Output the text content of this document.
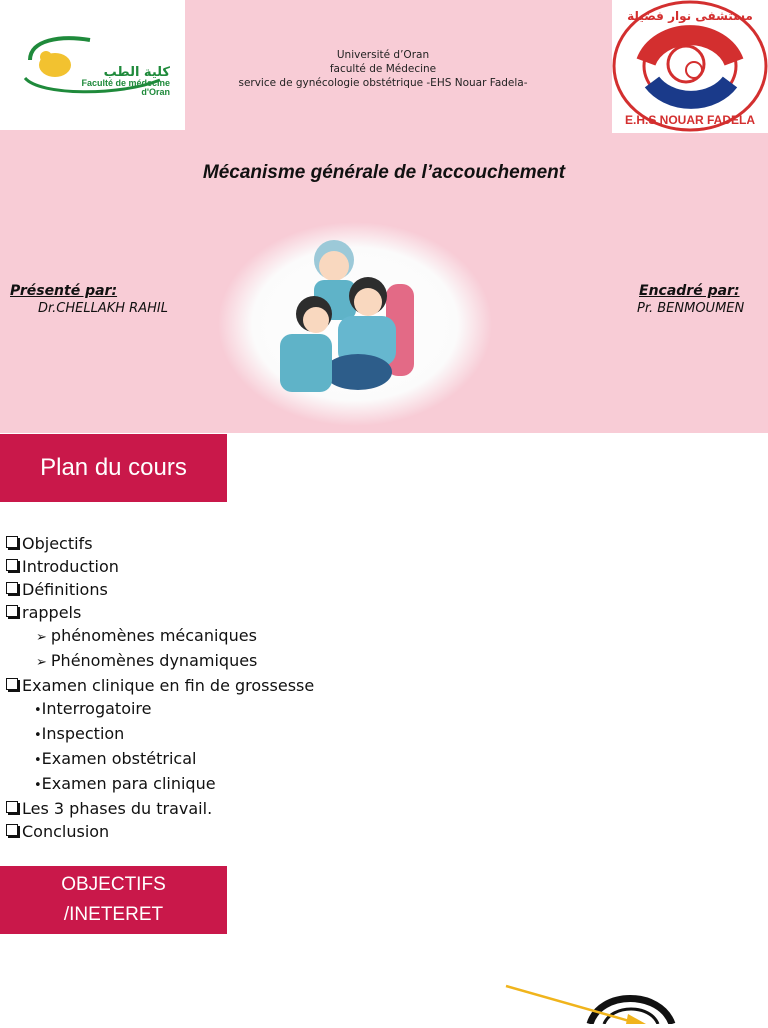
كلية الطب
Faculté de médecine
d'Oran
Université d’Oran
faculté de Médecine
service de gynécologie obstétrique -EHS Nouar Fadela-
مستشفى نوار فضيلة
E.H.S NOUAR FADELA
Mécanisme générale de l’accouchement
Présenté par:
Dr.CHELLAKH RAHIL
Encadré par:
Pr. BENMOUMEN
Plan du cours
Objectifs
Introduction
Définitions
rappels
➢ phénomènes mécaniques
➢ Phénomènes dynamiques
Examen clinique en fin de grossesse
•Interrogatoire
•Inspection
•Examen obstétrical
•Examen para clinique
Les 3 phases du travail.
Conclusion
OBJECTIFS
/INETERET
